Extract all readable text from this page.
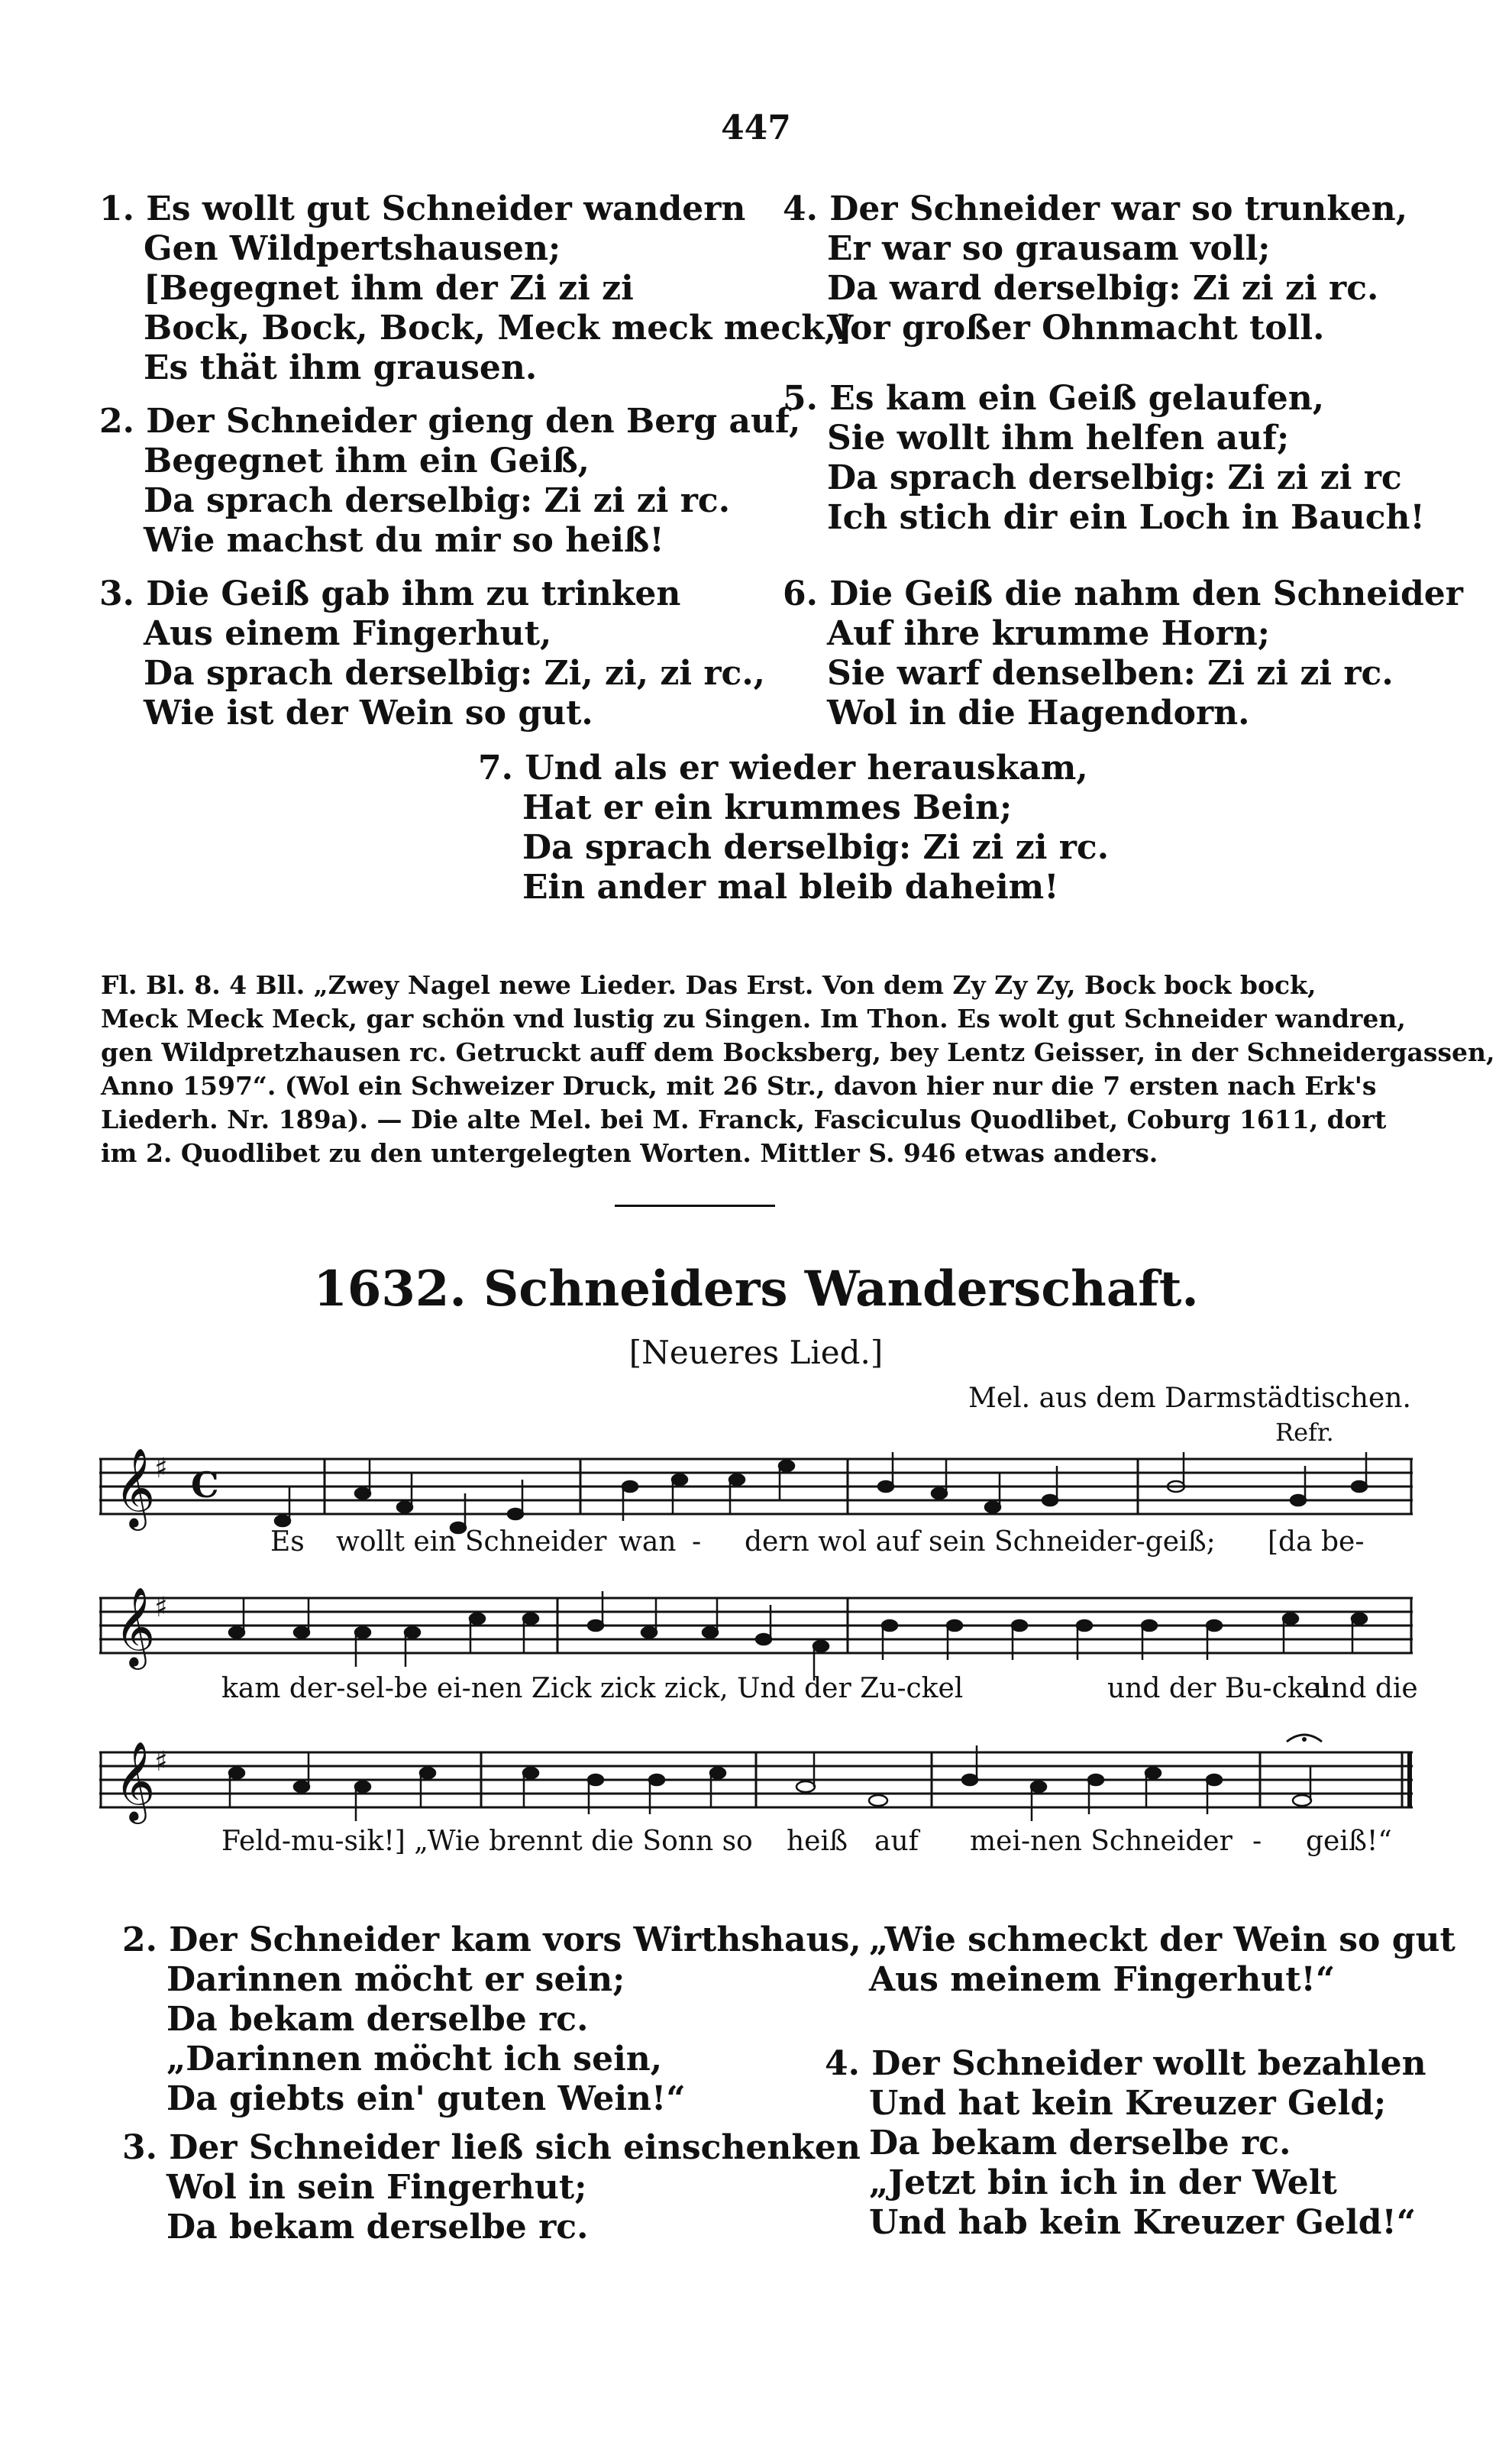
447
1. Es wollt gut Schneider wandern
Gen Wildpertshausen;
[Begegnet ihm der Zi zi zi
Bock, Bock, Bock, Meck meck meck,]
Es thät ihm grausen.
2. Der Schneider gieng den Berg auf,
Begegnet ihm ein Geiß,
Da sprach derselbig: Zi zi zi rc.
Wie machst du mir so heiß!
3. Die Geiß gab ihm zu trinken
Aus einem Fingerhut,
Da sprach derselbig: Zi, zi, zi rc.,
Wie ist der Wein so gut.
4. Der Schneider war so trunken,
Er war so grausam voll;
Da ward derselbig: Zi zi zi rc.
Vor großer Ohnmacht toll.
5. Es kam ein Geiß gelaufen,
Sie wollt ihm helfen auf;
Da sprach derselbig: Zi zi zi rc
Ich stich dir ein Loch in Bauch!
6. Die Geiß die nahm den Schneider
Auf ihre krumme Horn;
Sie warf denselben: Zi zi zi rc.
Wol in die Hagendorn.
7. Und als er wieder herauskam,
Hat er ein krummes Bein;
Da sprach derselbig: Zi zi zi rc.
Ein ander mal bleib daheim!
Fl. Bl. 8. 4 Bll. „Zwey Nagel newe Lieder. Das Erst. Von dem Zy Zy Zy, Bock bock bock,
Meck Meck Meck, gar schön vnd lustig zu Singen. Im Thon. Es wolt gut Schneider wandren,
gen Wildpretzhausen rc. Getruckt auff dem Bocksberg, bey Lentz Geisser, in der Schneidergassen,
Anno 1597“. (Wol ein Schweizer Druck, mit 26 Str., davon hier nur die 7 ersten nach Erk's
Liederh. Nr. 189a). — Die alte Mel. bei M. Franck, Fasciculus Quodlibet, Coburg 1611, dort
im 2. Quodlibet zu den untergelegten Worten. Mittler S. 946 etwas anders.
1632. Schneiders Wanderschaft.
[Neueres Lied.]
Mel. aus dem Darmstädtischen.
Refr.
𝄞
♯ C
Es wollt ein Schneider wan - dern wol auf sein Schneider-geiß; [da be-
𝄞
♯
kam der-sel-be ei-nen Zick zick zick, Und der Zu-ckel	und der Bu-ckel
und die
𝄞
♯
Feld-mu-sik!] „Wie brennt die Sonn so heiß auf mei-nen Schneider - geiß!“
2. Der Schneider kam vors Wirthshaus,
Darinnen möcht er sein;
Da bekam derselbe rc.
„Darinnen möcht ich sein,
Da giebts ein' guten Wein!“
3. Der Schneider ließ sich einschenken
Wol in sein Fingerhut;
Da bekam derselbe rc.
„Wie schmeckt der Wein so gut
Aus meinem Fingerhut!“
4. Der Schneider wollt bezahlen
Und hat kein Kreuzer Geld;
Da bekam derselbe rc.
„Jetzt bin ich in der Welt
Und hab kein Kreuzer Geld!“
